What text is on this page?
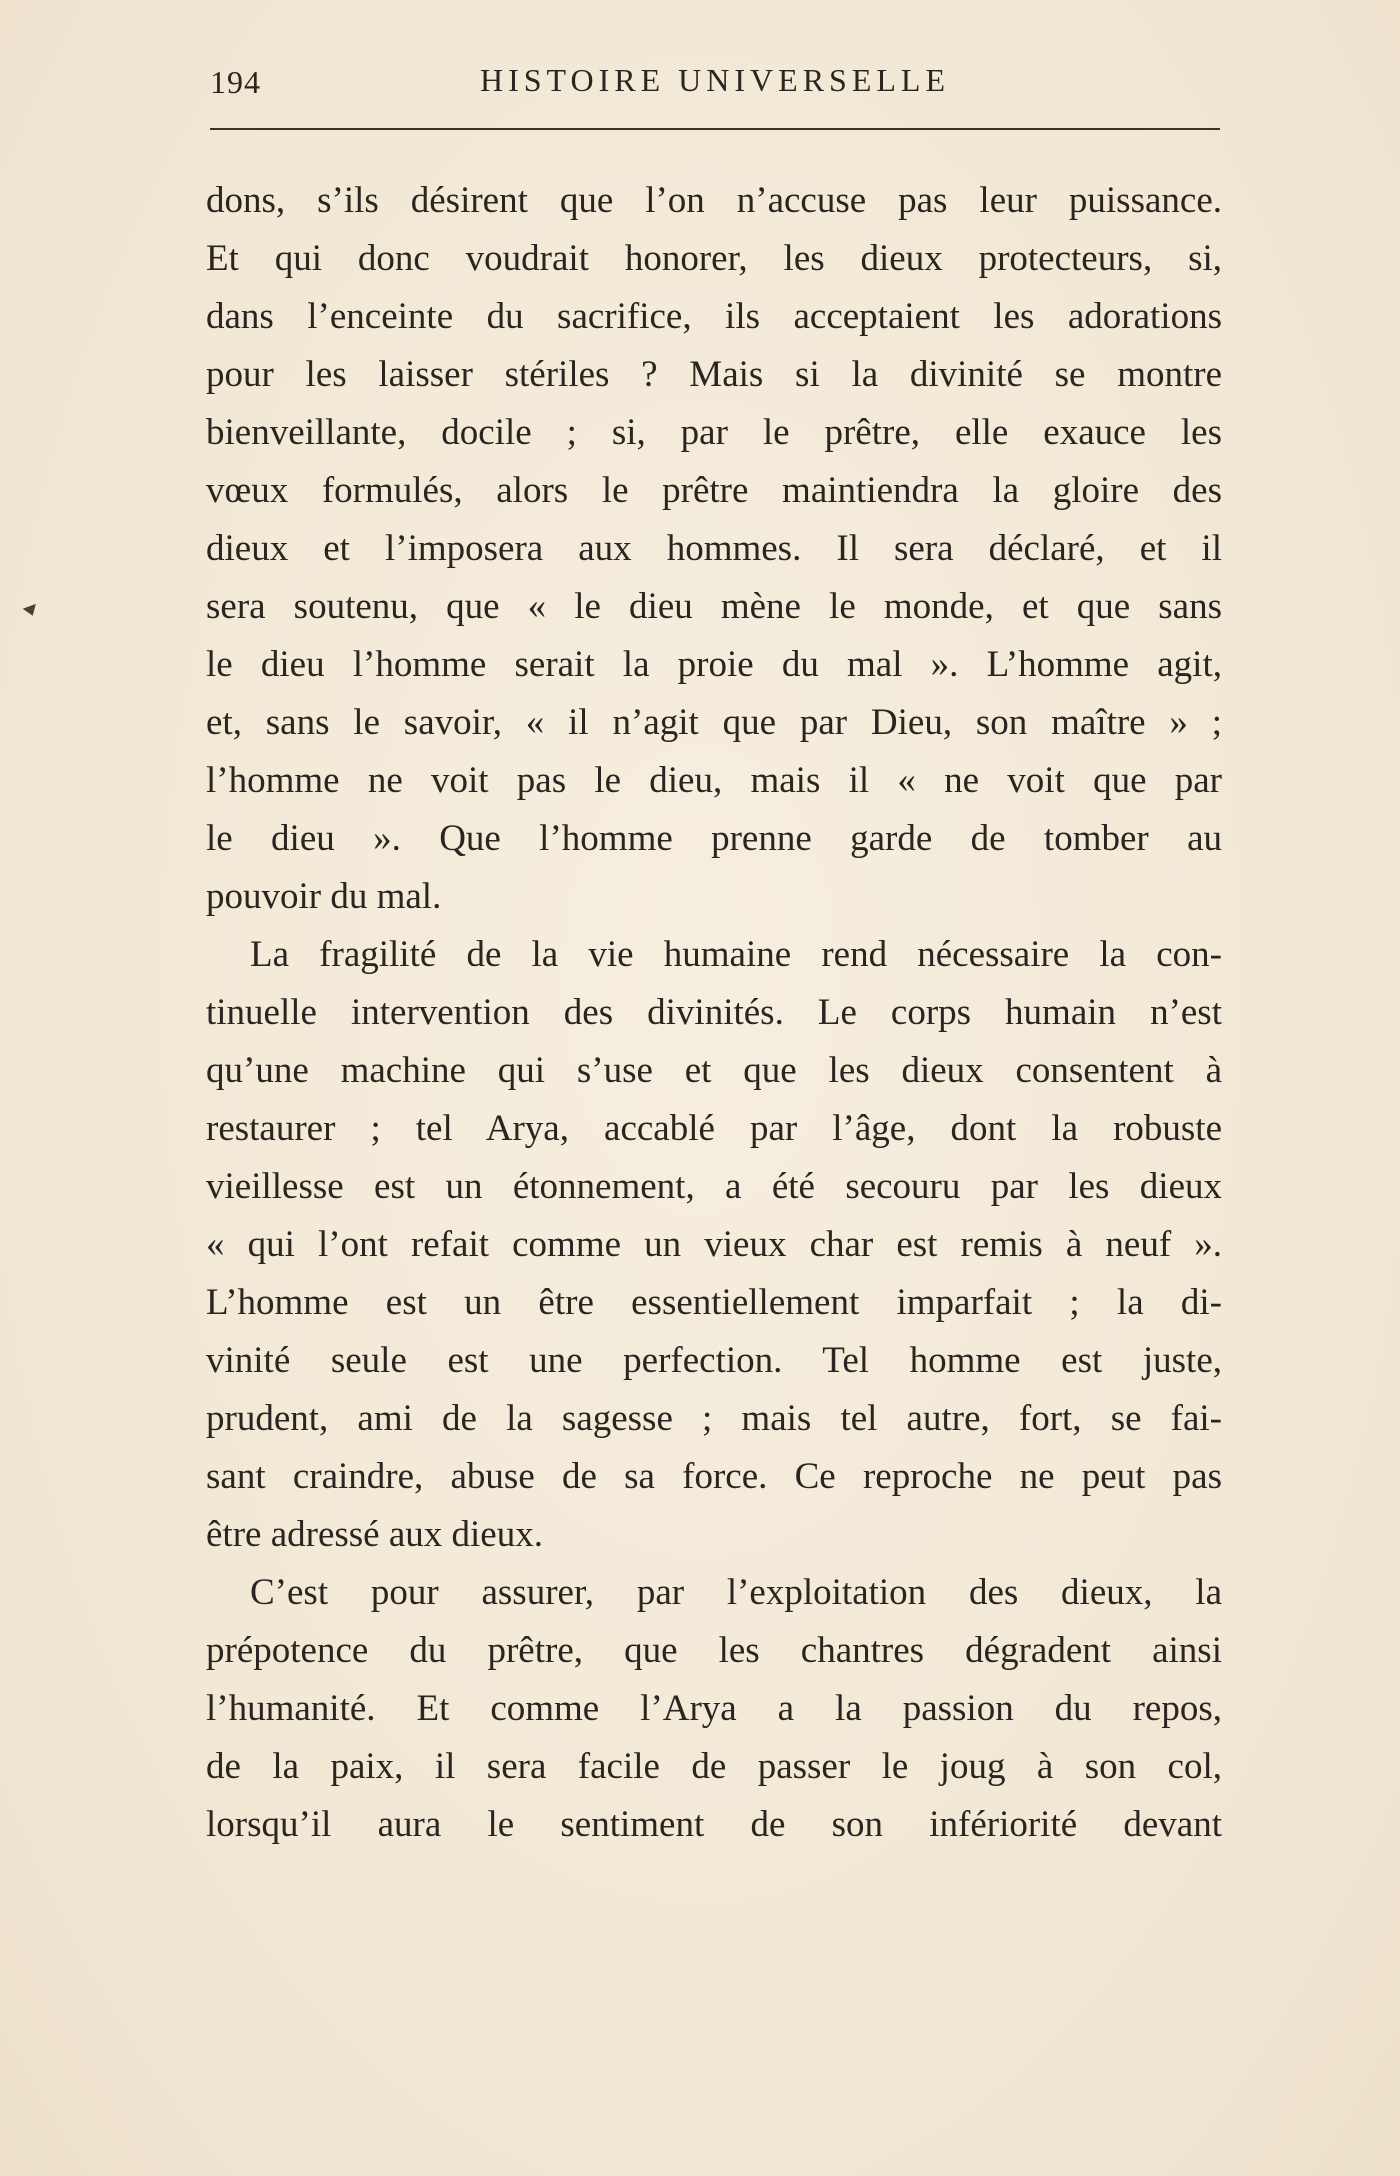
194	HISTOIRE UNIVERSELLE
dons, s’ils désirent que l’on n’accuse pas leur puissance.
Et qui donc voudrait honorer, les dieux protecteurs, si,
dans l’enceinte du sacrifice, ils acceptaient les adorations
pour les laisser stériles ? Mais si la divinité se montre
bienveillante, docile ; si, par le prêtre, elle exauce les
vœux formulés, alors le prêtre maintiendra la gloire des
dieux et l’imposera aux hommes. Il sera déclaré, et il
sera soutenu, que « le dieu mène le monde, et que sans
le dieu l’homme serait la proie du mal ». L’homme agit,
et, sans le savoir, « il n’agit que par Dieu, son maître » ;
l’homme ne voit pas le dieu, mais il « ne voit que par
le dieu ». Que l’homme prenne garde de tomber au
pouvoir du mal.
La fragilité de la vie humaine rend nécessaire la con-
tinuelle intervention des divinités. Le corps humain n’est
qu’une machine qui s’use et que les dieux consentent à
restaurer ; tel Arya, accablé par l’âge, dont la robuste
vieillesse est un étonnement, a été secouru par les dieux
« qui l’ont refait comme un vieux char est remis à neuf ».
L’homme est un être essentiellement imparfait ; la di-
vinité seule est une perfection. Tel homme est juste,
prudent, ami de la sagesse ; mais tel autre, fort, se fai-
sant craindre, abuse de sa force. Ce reproche ne peut pas
être adressé aux dieux.
C’est pour assurer, par l’exploitation des dieux, la
prépotence du prêtre, que les chantres dégradent ainsi
l’humanité. Et comme l’Arya a la passion du repos,
de la paix, il sera facile de passer le joug à son col,
lorsqu’il aura le sentiment de son infériorité devant
